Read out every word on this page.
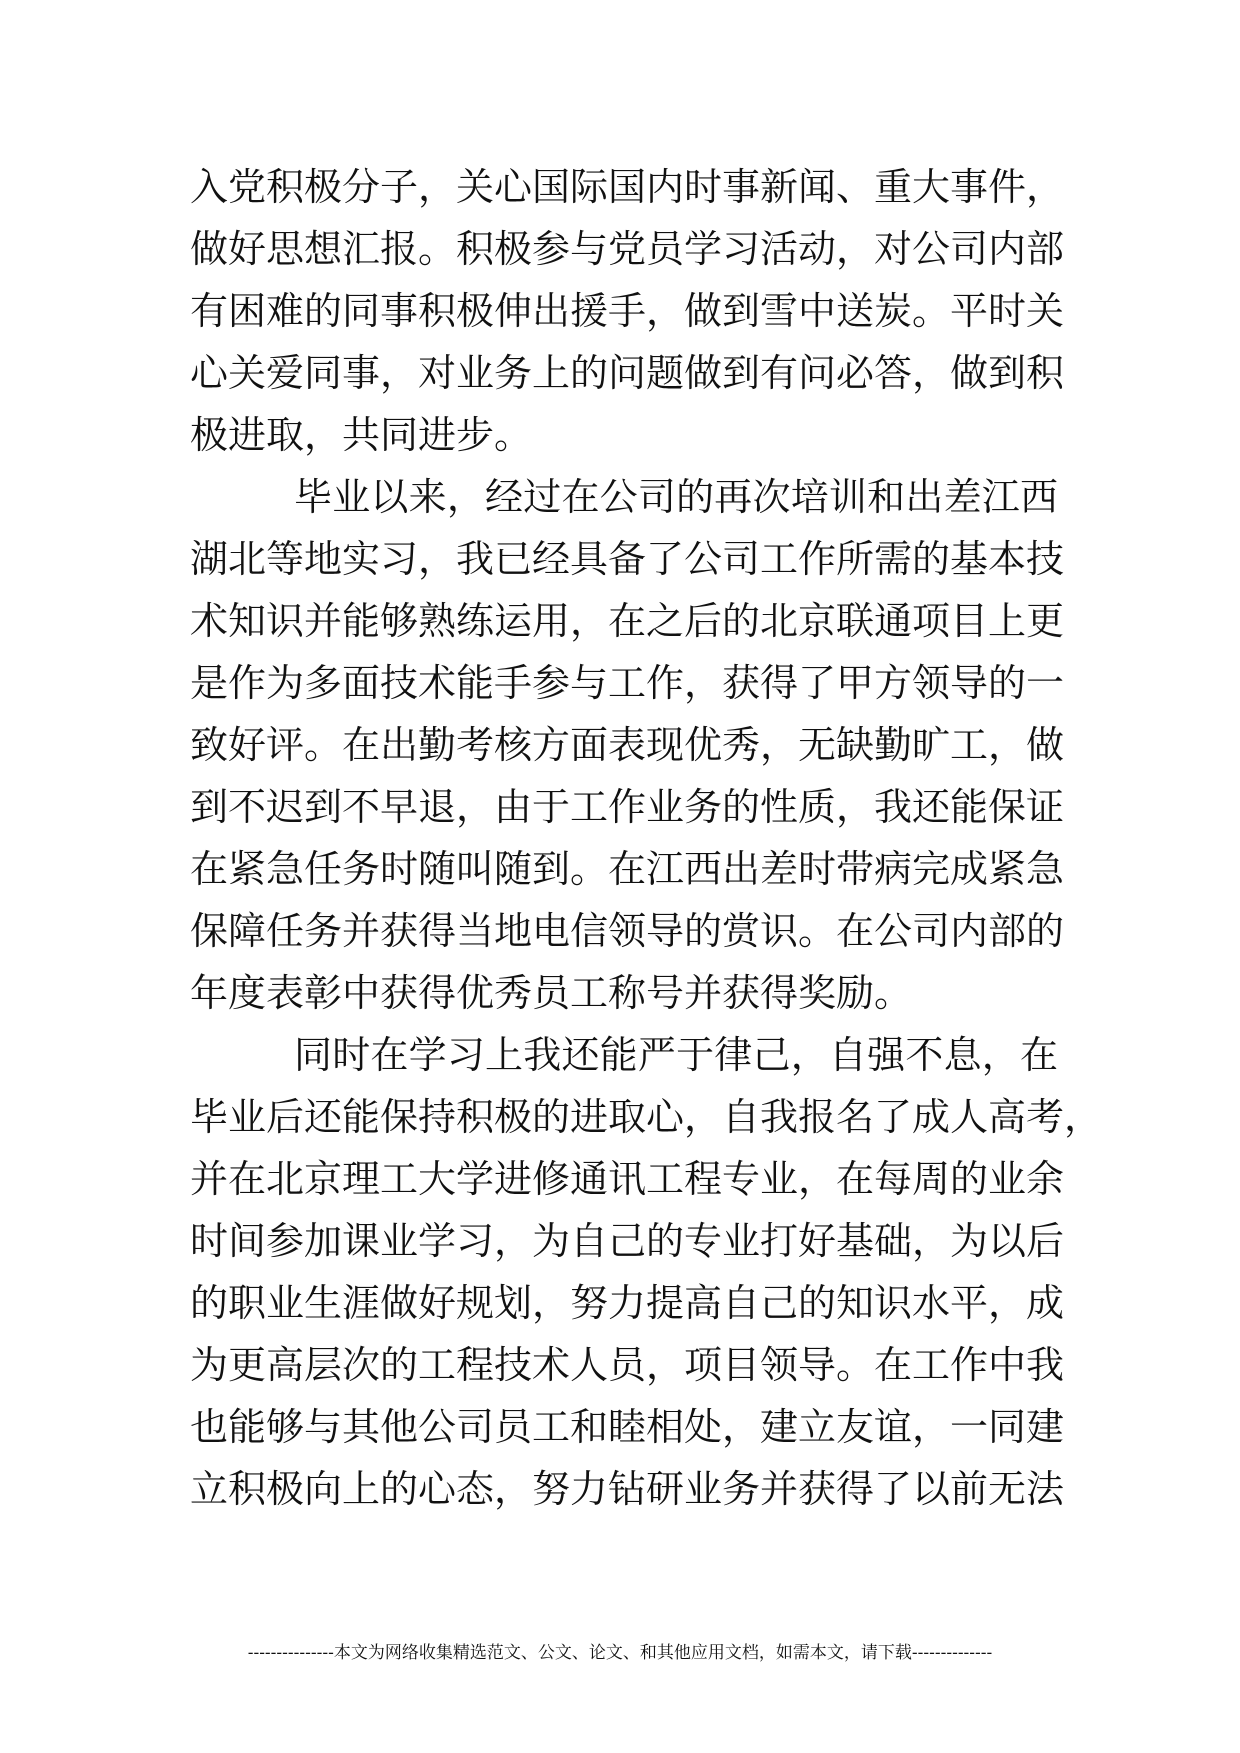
入党积极分子，关心国际国内时事新闻、重大事件，
做好思想汇报。积极参与党员学习活动，对公司内部
有困难的同事积极伸出援手，做到雪中送炭。平时关
心关爱同事，对业务上的问题做到有问必答，做到积
极进取，共同进步。
毕业以来，经过在公司的再次培训和出差江西
湖北等地实习，我已经具备了公司工作所需的基本技
术知识并能够熟练运用，在之后的北京联通项目上更
是作为多面技术能手参与工作，获得了甲方领导的一
致好评。在出勤考核方面表现优秀，无缺勤旷工，做
到不迟到不早退，由于工作业务的性质，我还能保证
在紧急任务时随叫随到。在江西出差时带病完成紧急
保障任务并获得当地电信领导的赏识。在公司内部的
年度表彰中获得优秀员工称号并获得奖励。
同时在学习上我还能严于律己，自强不息，在
毕业后还能保持积极的进取心，自我报名了成人高考，
并在北京理工大学进修通讯工程专业，在每周的业余
时间参加课业学习，为自己的专业打好基础，为以后
的职业生涯做好规划，努力提高自己的知识水平，成
为更高层次的工程技术人员，项目领导。在工作中我
也能够与其他公司员工和睦相处，建立友谊，一同建
立积极向上的心态，努力钻研业务并获得了以前无法
---------------本文为网络收集精选范文、公文、论文、和其他应用文档，如需本文，请下载--------------
